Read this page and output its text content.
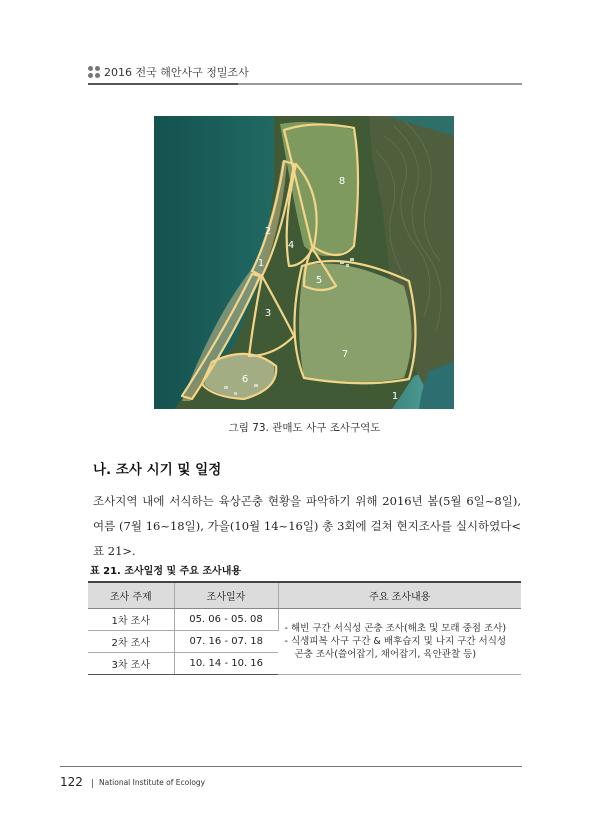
2016 전국 해안사구 정밀조사
1
2
3
4
5
6
7
8
1
그림 73. 관매도 사구 조사구역도
나. 조사 시기 및 일정
조사지역 내에 서식하는 육상곤충 현황을 파악하기 위해 2016년 봄(5월 6일~8일), 여름 (7월 16~18일), 가을(10월 14~16일) 총 3회에 걸쳐 현지조사를 실시하였다<표 21>.
표 21. 조사일정 및 주요 조사내용
조사 주제	조사일자	주요 조사내용
1차 조사	05. 06 - 05. 08	- 해빈 구간 서식성 곤충 조사(해초 및 모래 중점 조사)
- 식생피복 사구 구간 & 배후습지 및 나지 구간 서식성
곤충 조사(쓸어잡기, 채어잡기, 육안관찰 등)

2차 조사	07. 16 - 07. 18	
3차 조사	10. 14 - 10. 16	
122 National Institute of Ecology
